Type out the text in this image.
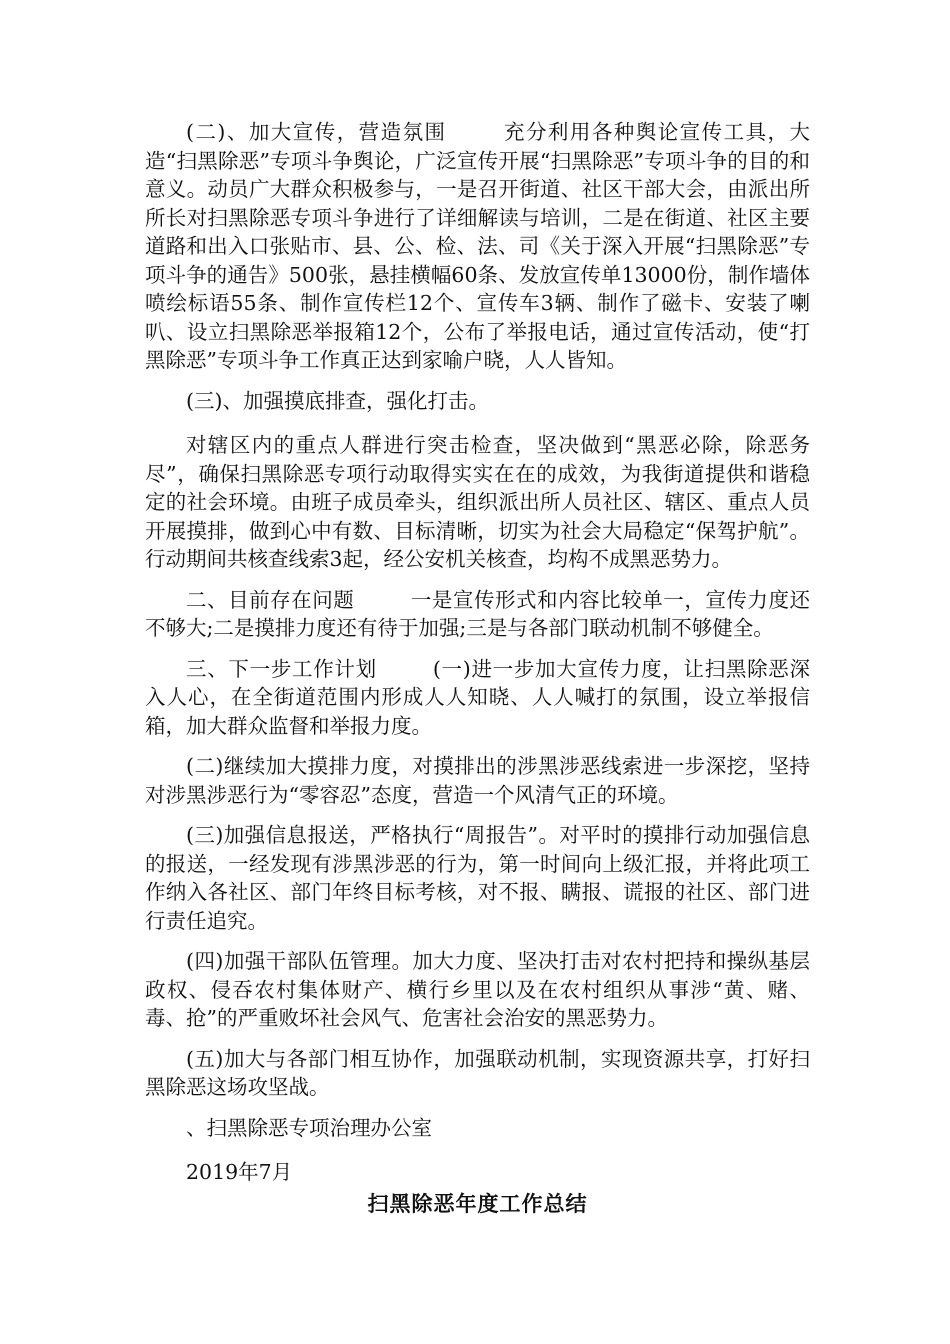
(二)、加大宣传，营造氛围	充分利用各种舆论宣传工具，大造“扫黑除恶”专项斗争舆论，广泛宣传开展“扫黑除恶”专项斗争的目的和意义。动员广大群众积极参与，一是召开街道、社区干部大会，由派出所所长对扫黑除恶专项斗争进行了详细解读与培训，二是在街道、社区主要道路和出入口张贴市、县、公、检、法、司《关于深入开展“扫黑除恶”专项斗争的通告》500张，悬挂横幅60条、发放宣传单13000份，制作墙体喷绘标语55条、制作宣传栏12个、宣传车3辆、制作了磁卡、安装了喇叭、设立扫黑除恶举报箱12个，公布了举报电话，通过宣传活动，使“打黑除恶”专项斗争工作真正达到家喻户晓，人人皆知。

(三)、加强摸底排查，强化打击。

对辖区内的重点人群进行突击检查，坚决做到“黑恶必除，除恶务尽”，确保扫黑除恶专项行动取得实实在在的成效，为我街道提供和谐稳定的社会环境。由班子成员牵头，组织派出所人员社区、辖区、重点人员开展摸排，做到心中有数、目标清晰，切实为社会大局稳定“保驾护航”。行动期间共核查线索3起，经公安机关核查，均构不成黑恶势力。

二、目前存在问题	一是宣传形式和内容比较单一，宣传力度还不够大;二是摸排力度还有待于加强;三是与各部门联动机制不够健全。

三、下一步工作计划	(一)进一步加大宣传力度，让扫黑除恶深入人心，在全街道范围内形成人人知晓、人人喊打的氛围，设立举报信箱，加大群众监督和举报力度。

(二)继续加大摸排力度，对摸排出的涉黑涉恶线索进一步深挖，坚持对涉黑涉恶行为“零容忍”态度，营造一个风清气正的环境。

(三)加强信息报送，严格执行“周报告”。对平时的摸排行动加强信息的报送，一经发现有涉黑涉恶的行为，第一时间向上级汇报，并将此项工作纳入各社区、部门年终目标考核，对不报、瞒报、谎报的社区、部门进行责任追究。

(四)加强干部队伍管理。加大力度、坚决打击对农村把持和操纵基层政权、侵吞农村集体财产、横行乡里以及在农村组织从事涉“黄、赌、毒、抢”的严重败坏社会风气、危害社会治安的黑恶势力。

(五)加大与各部门相互协作，加强联动机制，实现资源共享，打好扫黑除恶这场攻坚战。

、扫黑除恶专项治理办公室

2019年7月

扫黑除恶年度工作总结
